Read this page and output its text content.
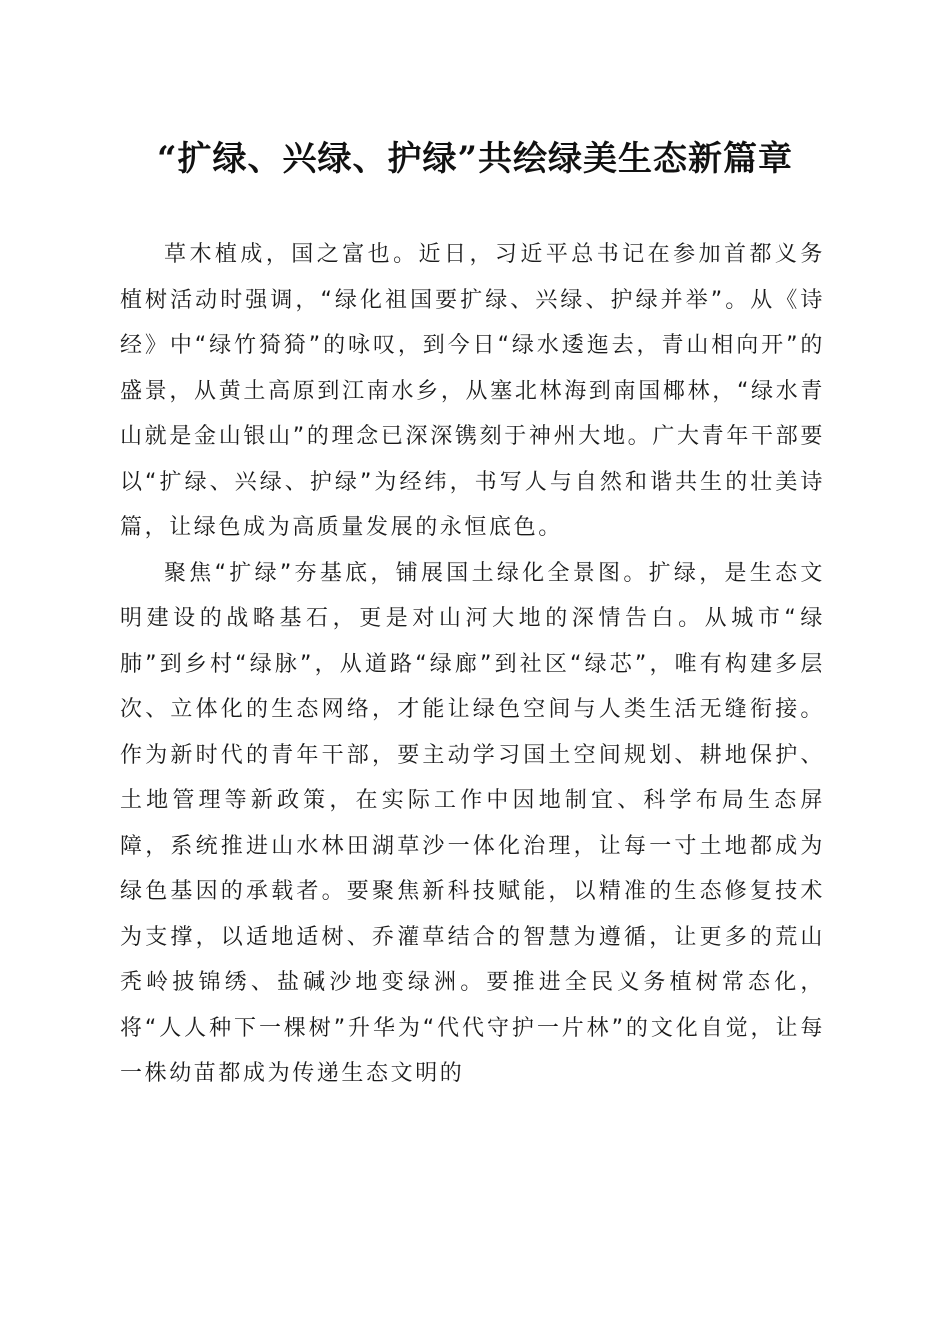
“扩绿、兴绿、护绿”共绘绿美生态新篇章

草木植成，国之富也。近日，习近平总书记在参加首都义务植树活动时强调，“绿化祖国要扩绿、兴绿、护绿并举”。从《诗经》中“绿竹猗猗”的咏叹，到今日“绿水逶迤去，青山相向开”的盛景，从黄土高原到江南水乡，从塞北林海到南国椰林，“绿水青山就是金山银山”的理念已深深镌刻于神州大地。广大青年干部要以“扩绿、兴绿、护绿”为经纬，书写人与自然和谐共生的壮美诗篇，让绿色成为高质量发展的永恒底色。

聚焦“扩绿”夯基底，铺展国土绿化全景图。扩绿，是生态文明建设的战略基石，更是对山河大地的深情告白。从城市“绿肺”到乡村“绿脉”，从道路“绿廊”到社区“绿芯”，唯有构建多层次、立体化的生态网络，才能让绿色空间与人类生活无缝衔接。作为新时代的青年干部，要主动学习国土空间规划、耕地保护、土地管理等新政策，在实际工作中因地制宜、科学布局生态屏障，系统推进山水林田湖草沙一体化治理，让每一寸土地都成为绿色基因的承载者。要聚焦新科技赋能，以精准的生态修复技术为支撑，以适地适树、乔灌草结合的智慧为遵循，让更多的荒山秃岭披锦绣、盐碱沙地变绿洲。要推进全民义务植树常态化，将“人人种下一棵树”升华为“代代守护一片林”的文化自觉，让每一株幼苗都成为传递生态文明的
